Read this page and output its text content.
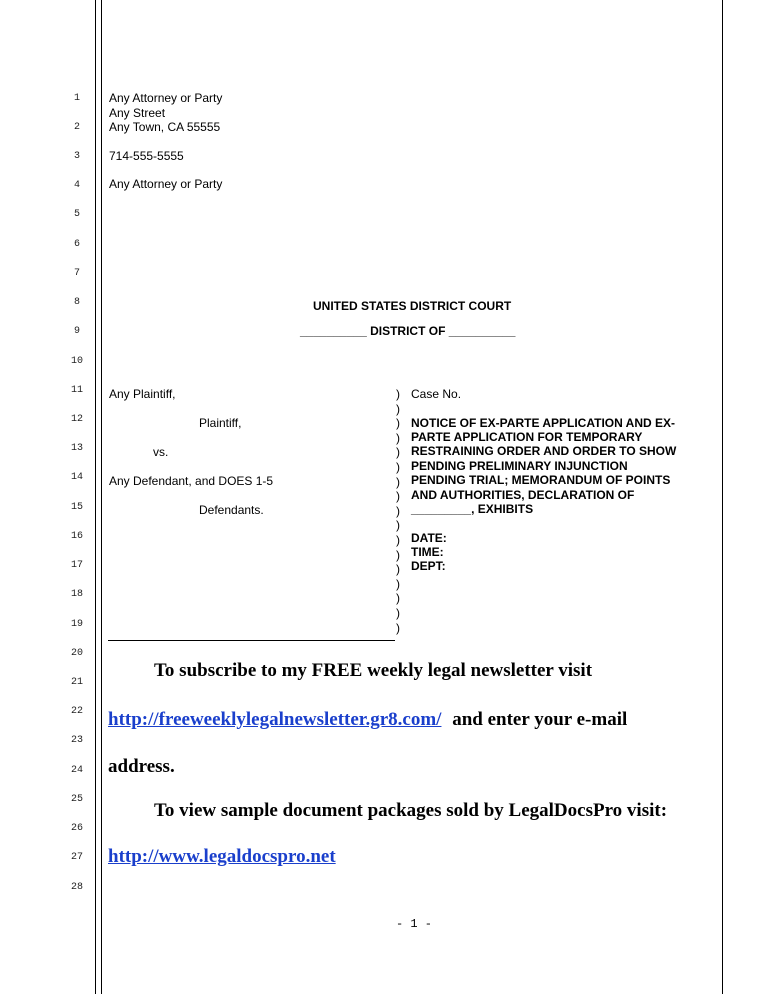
1
2
3
4
5
6
7
8
9
10
11
12
13
14
15
16
17
18
19
20
21
22
23
24
25
26
27
28
Any Attorney or Party
Any Street
Any Town, CA 55555
714-555-5555
Any Attorney or Party
UNITED STATES DISTRICT COURT
__________ DISTRICT OF __________
Any Plaintiff,
Plaintiff,
vs.
Any Defendant, and DOES 1-5
Defendants.
)
)
)
)
)
)
)
)
)
)
)
)
)
)
)
)
)
Case No.
NOTICE OF EX-PARTE APPLICATION AND EX-
PARTE APPLICATION FOR TEMPORARY
RESTRAINING ORDER AND ORDER TO SHOW
PENDING PRELIMINARY INJUNCTION
PENDING TRIAL; MEMORANDUM OF POINTS
AND AUTHORITIES, DECLARATION OF
_________, EXHIBITS
DATE:
TIME:
DEPT:
To subscribe to my FREE weekly legal newsletter visit
http://freeweeklylegalnewsletter.gr8.com/ and enter your e-mail
address.
To view sample document packages sold by LegalDocsPro visit:
http://www.legaldocspro.net
- 1 -
